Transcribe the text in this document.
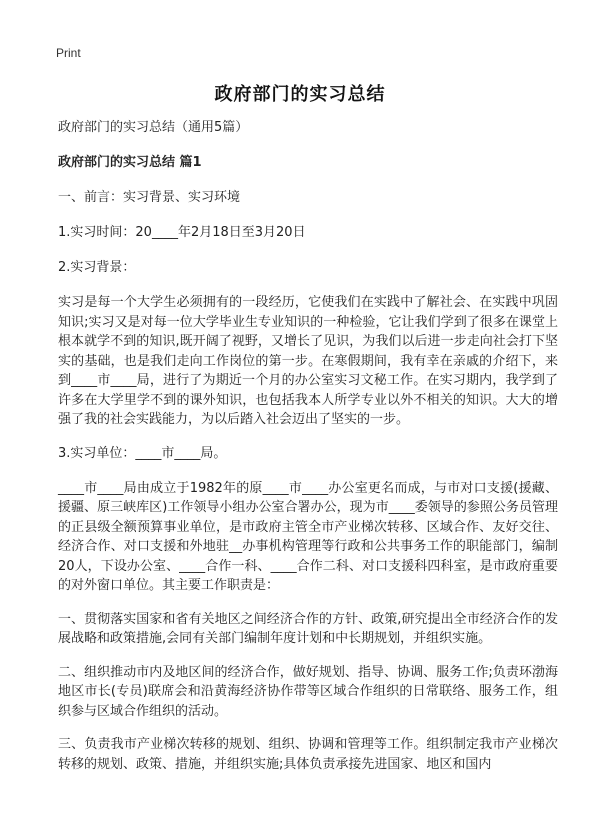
Print
政府部门的实习总结

政府部门的实习总结（通用5篇）

政府部门的实习总结 篇1

一、前言：实习背景、实习环境

1.实习时间：20____年2月18日至3月20日

2.实习背景：

实习是每一个大学生必须拥有的一段经历，它使我们在实践中了解社会、在实践中巩固知识;实习又是对每一位大学毕业生专业知识的一种检验，它让我们学到了很多在课堂上根本就学不到的知识,既开阔了视野，又增长了见识，为我们以后进一步走向社会打下坚实的基础，也是我们走向工作岗位的第一步。在寒假期间，我有幸在亲戚的介绍下，来到____市____局，进行了为期近一个月的办公室实习文秘工作。在实习期内，我学到了许多在大学里学不到的课外知识，也包括我本人所学专业以外不相关的知识。大大的增强了我的社会实践能力，为以后踏入社会迈出了坚实的一步。

3.实习单位：____市____局。

____市____局由成立于1982年的原____市____办公室更名而成，与市对口支援(援藏、援疆、原三峡库区)工作领导小组办公室合署办公，现为市____委领导的参照公务员管理的正县级全额预算事业单位，是市政府主管全市产业梯次转移、区域合作、友好交往、经济合作、对口支援和外地驻__办事机构管理等行政和公共事务工作的职能部门，编制20人，下设办公室、____合作一科、____合作二科、对口支援科四科室，是市政府重要的对外窗口单位。其主要工作职责是：

一、贯彻落实国家和省有关地区之间经济合作的方针、政策,研究提出全市经济合作的发展战略和政策措施,会同有关部门编制年度计划和中长期规划，并组织实施。

二、组织推动市内及地区间的经济合作，做好规划、指导、协调、服务工作;负责环渤海地区市长(专员)联席会和沿黄海经济协作带等区域合作组织的日常联络、服务工作，组织参与区域合作组织的活动。

三、负责我市产业梯次转移的规划、组织、协调和管理等工作。组织制定我市产业梯次转移的规划、政策、措施，并组织实施;具体负责承接先进国家、地区和国内
